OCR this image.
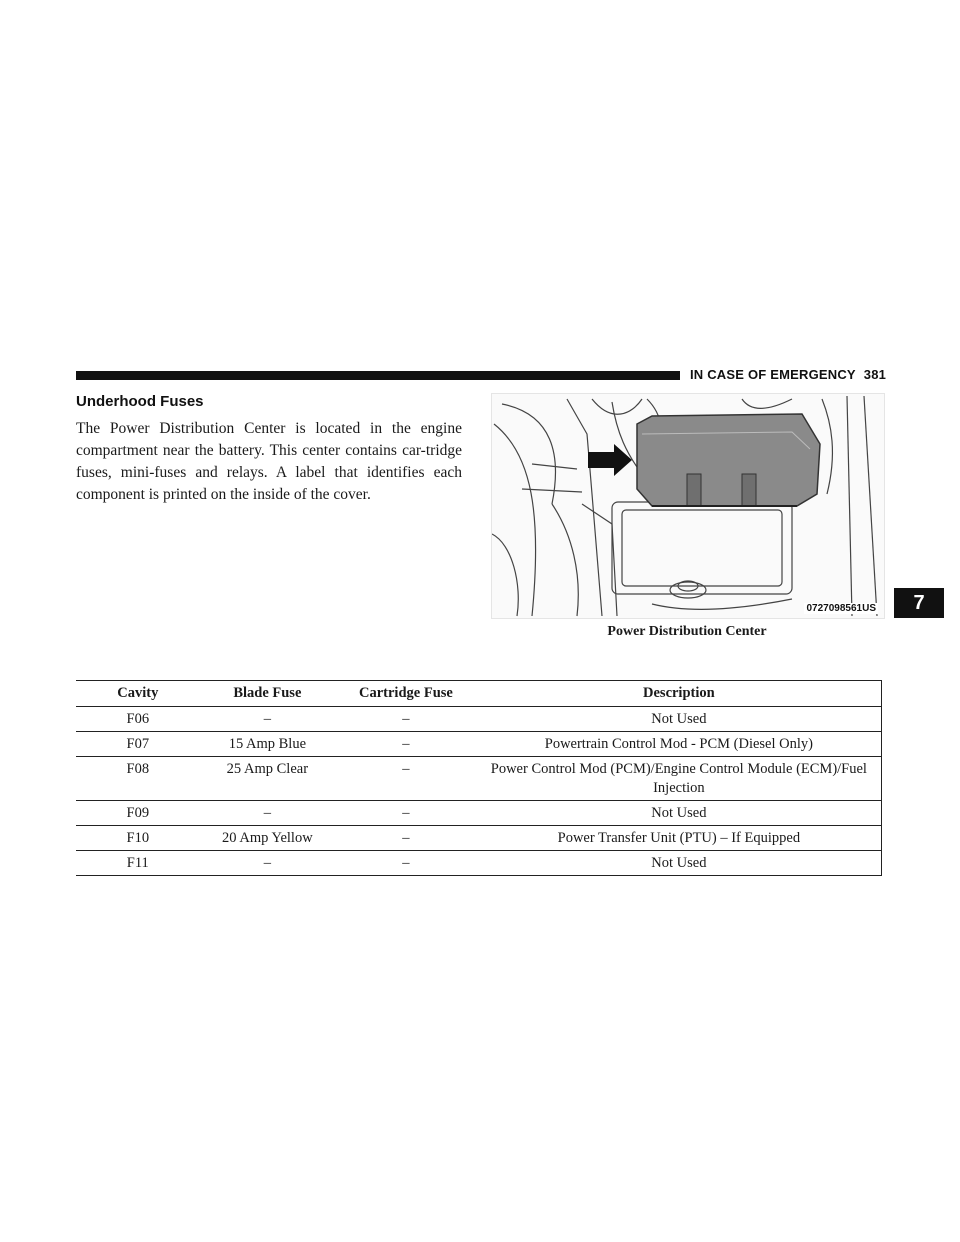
IN CASE OF EMERGENCY 381
Underhood Fuses
The Power Distribution Center is located in the engine compartment near the battery. This center contains car-tridge fuses, mini-fuses and relays. A label that identifies each component is printed on the inside of the cover.
0727098561US
Power Distribution Center
7
Cavity	Blade Fuse	Cartridge Fuse	Description
F06	–	–	Not Used
F07	15 Amp Blue	–	Powertrain Control Mod - PCM (Diesel Only)
F08	25 Amp Clear	–	Power Control Mod (PCM)/Engine Control Module (ECM)/Fuel Injection
F09	–	–	Not Used
F10	20 Amp Yellow	–	Power Transfer Unit (PTU) – If Equipped
F11	–	–	Not Used
